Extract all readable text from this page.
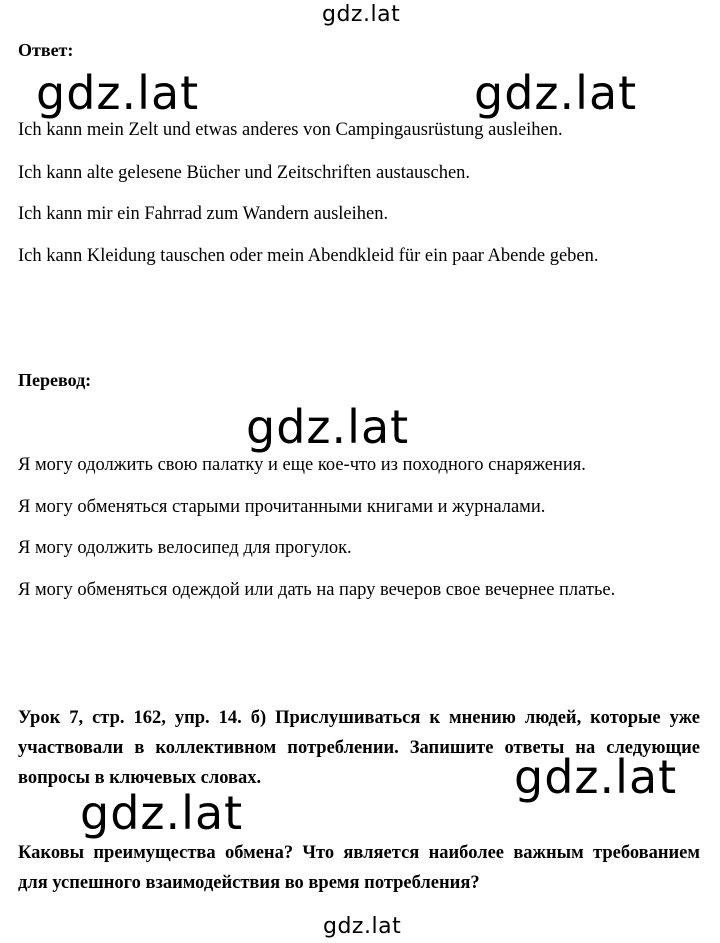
gdz.lat
gdz.lat
Ответ:
gdz.lat	gdz.lat
Ich kann mein Zelt und etwas anderes von Campingausrüstung ausleihen.
Ich kann alte gelesene Bücher und Zeitschriften austauschen.
Ich kann mir ein Fahrrad zum Wandern ausleihen.
Ich kann Kleidung tauschen oder mein Abendkleid für ein paar Abende geben.
Перевод:
gdz.lat
Я могу одолжить свою палатку и еще кое-что из походного снаряжения.
Я могу обменяться старыми прочитанными книгами и журналами.
Я могу одолжить велосипед для прогулок.
Я могу обменяться одеждой или дать на пару вечеров свое вечернее платье.
Урок 7, стр. 162, упр. 14. б) Прислушиваться к мнению людей, которые уже участвовали в коллективном потреблении. Запишите ответы на следующие вопросы в ключевых словах.	gdz.lat
gdz.lat
Каковы преимущества обмена? Что является наиболее важным требованием для успешного взаимодействия во время потребления?
